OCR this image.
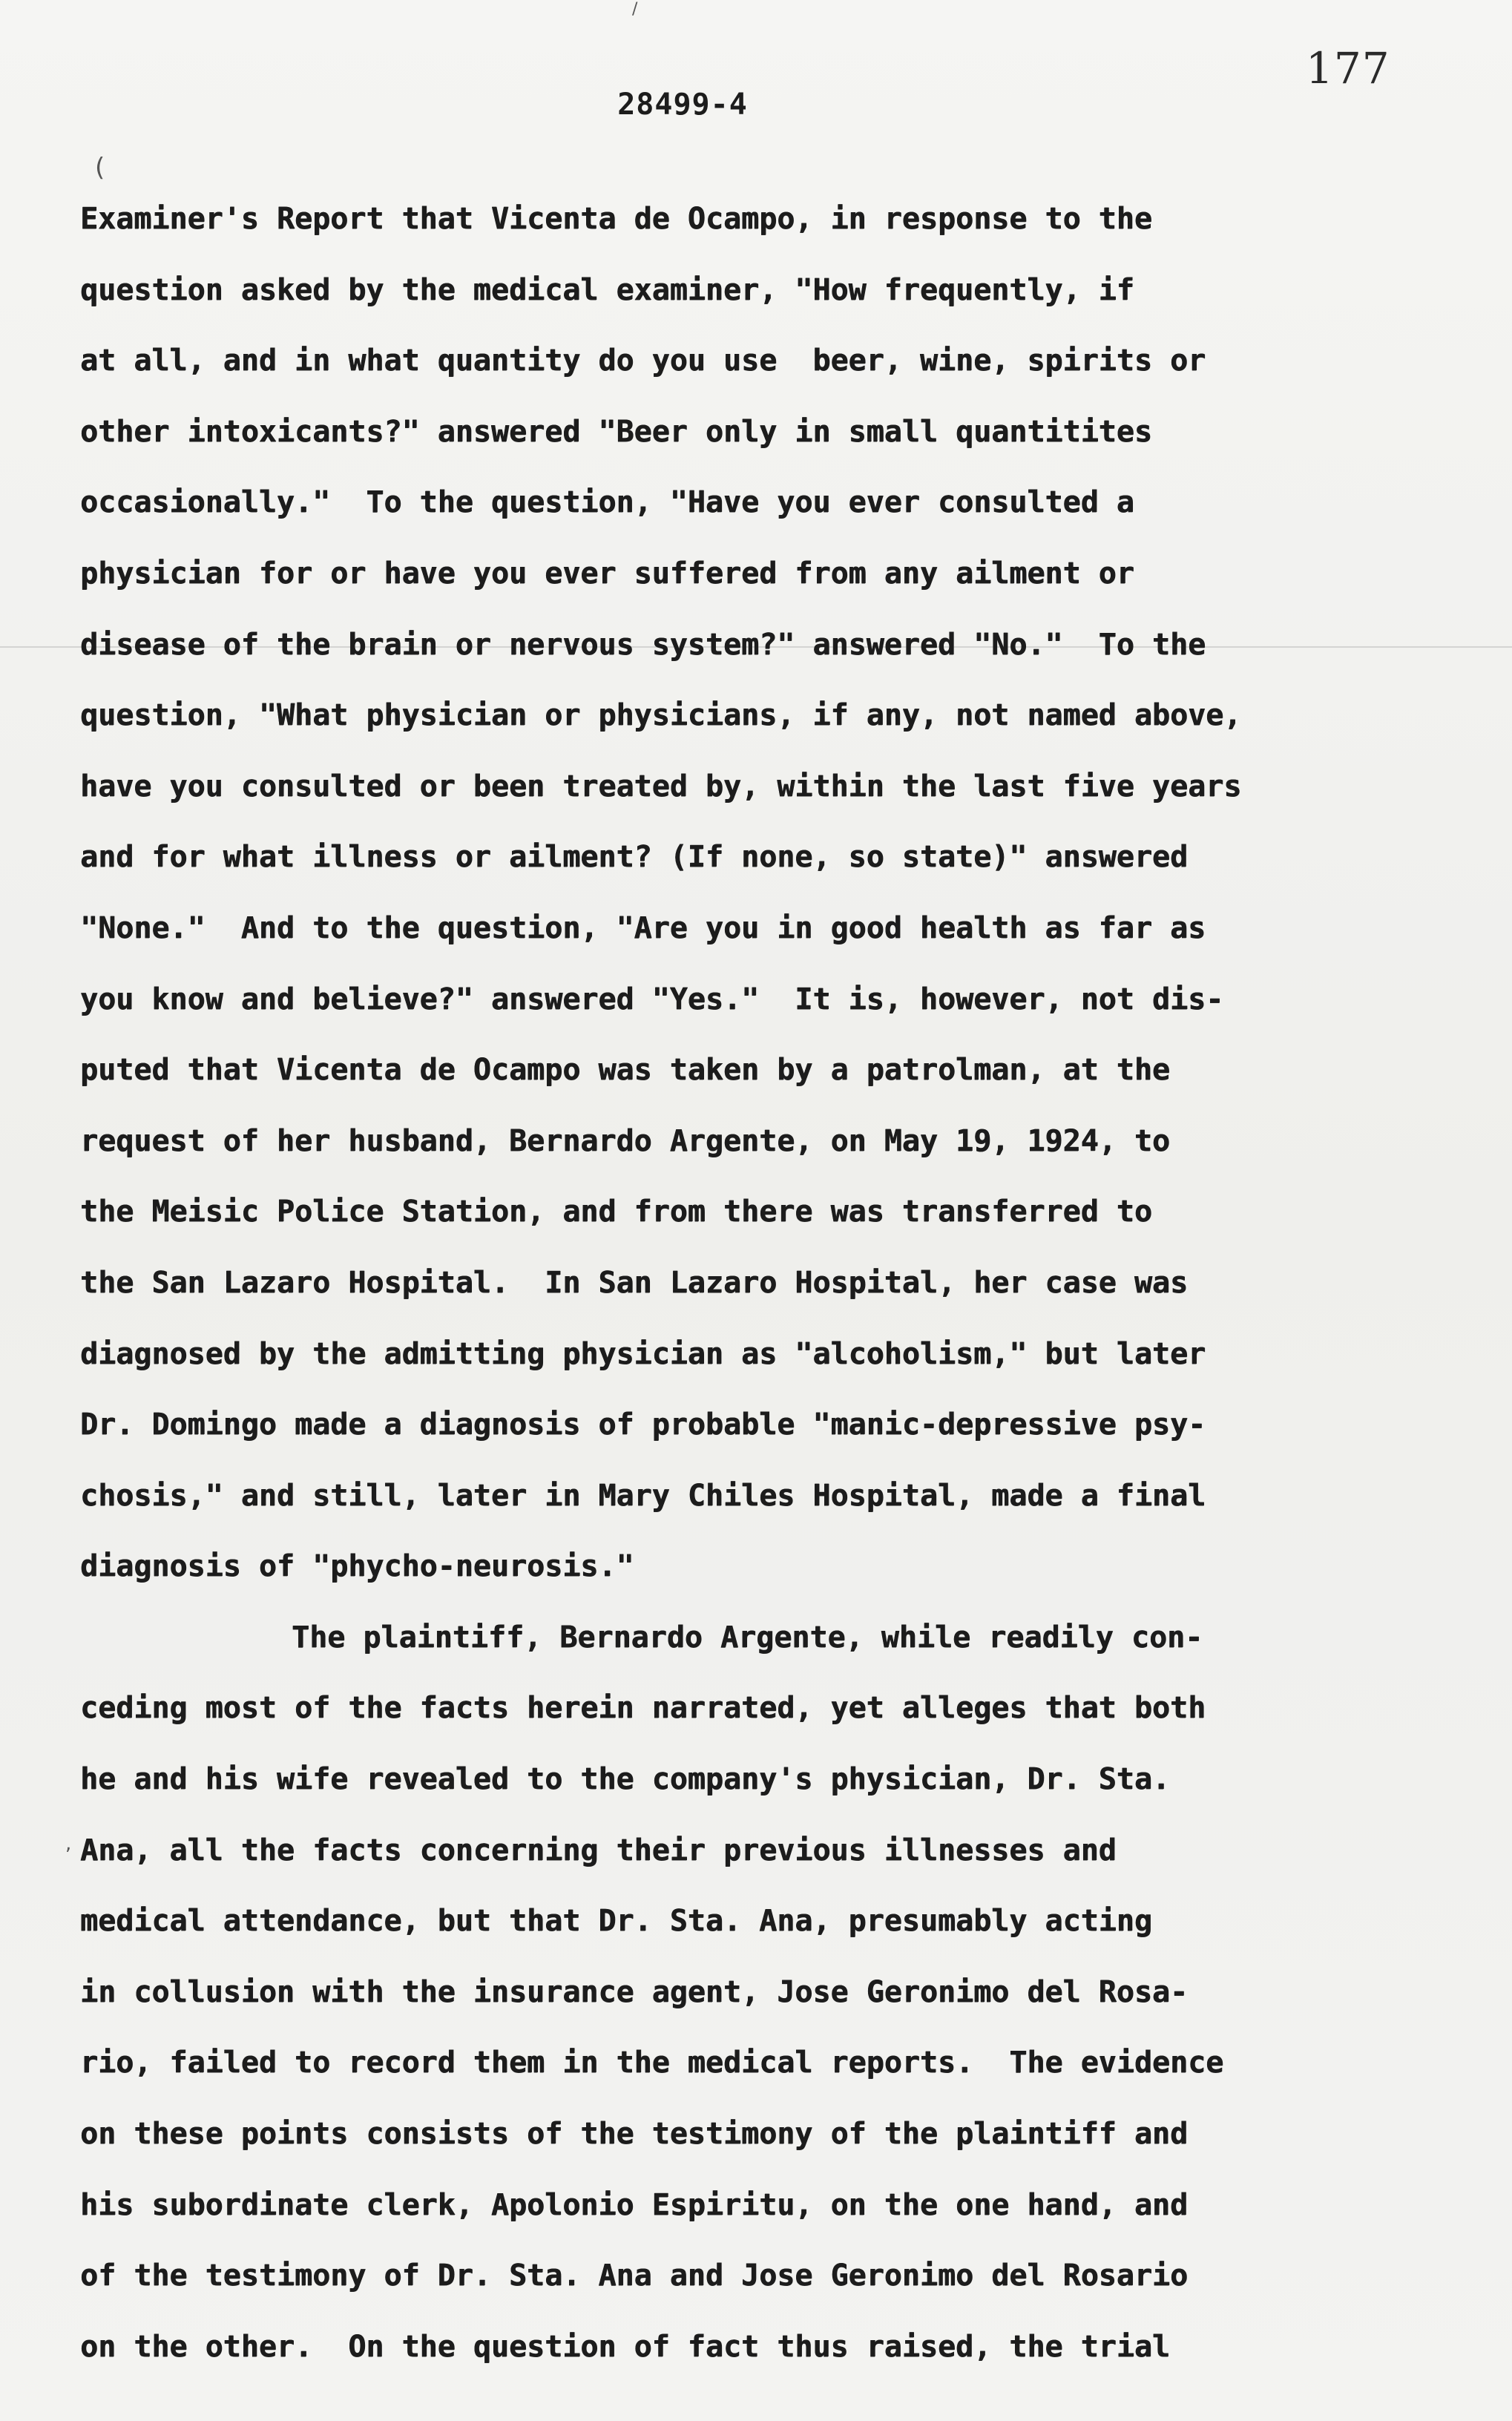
/
(
,
177
28499-4
Examiner's Report that Vicenta de Ocampo, in response to the
question asked by the medical examiner, "How frequently, if
at all, and in what quantity do you use  beer, wine, spirits or
other intoxicants?" answered "Beer only in small quantitites
occasionally."  To the question, "Have you ever consulted a
physician for or have you ever suffered from any ailment or
disease of the brain or nervous system?" answered "No."  To the
question, "What physician or physicians, if any, not named above,
have you consulted or been treated by, within the last five years
and for what illness or ailment? (If none, so state)" answered
"None."  And to the question, "Are you in good health as far as
you know and believe?" answered "Yes."  It is, however, not dis-
puted that Vicenta de Ocampo was taken by a patrolman, at the
request of her husband, Bernardo Argente, on May 19, 1924, to
the Meisic Police Station, and from there was transferred to
the San Lazaro Hospital.  In San Lazaro Hospital, her case was
diagnosed by the admitting physician as "alcoholism," but later
Dr. Domingo made a diagnosis of probable "manic-depressive psy-
chosis," and still, later in Mary Chiles Hospital, made a final
diagnosis of "phycho-neurosis."
The plaintiff, Bernardo Argente, while readily con-
ceding most of the facts herein narrated, yet alleges that both
he and his wife revealed to the company's physician, Dr. Sta.
Ana, all the facts concerning their previous illnesses and
medical attendance, but that Dr. Sta. Ana, presumably acting
in collusion with the insurance agent, Jose Geronimo del Rosa-
rio, failed to record them in the medical reports.  The evidence
on these points consists of the testimony of the plaintiff and
his subordinate clerk, Apolonio Espiritu, on the one hand, and
of the testimony of Dr. Sta. Ana and Jose Geronimo del Rosario
on the other.  On the question of fact thus raised, the trial
